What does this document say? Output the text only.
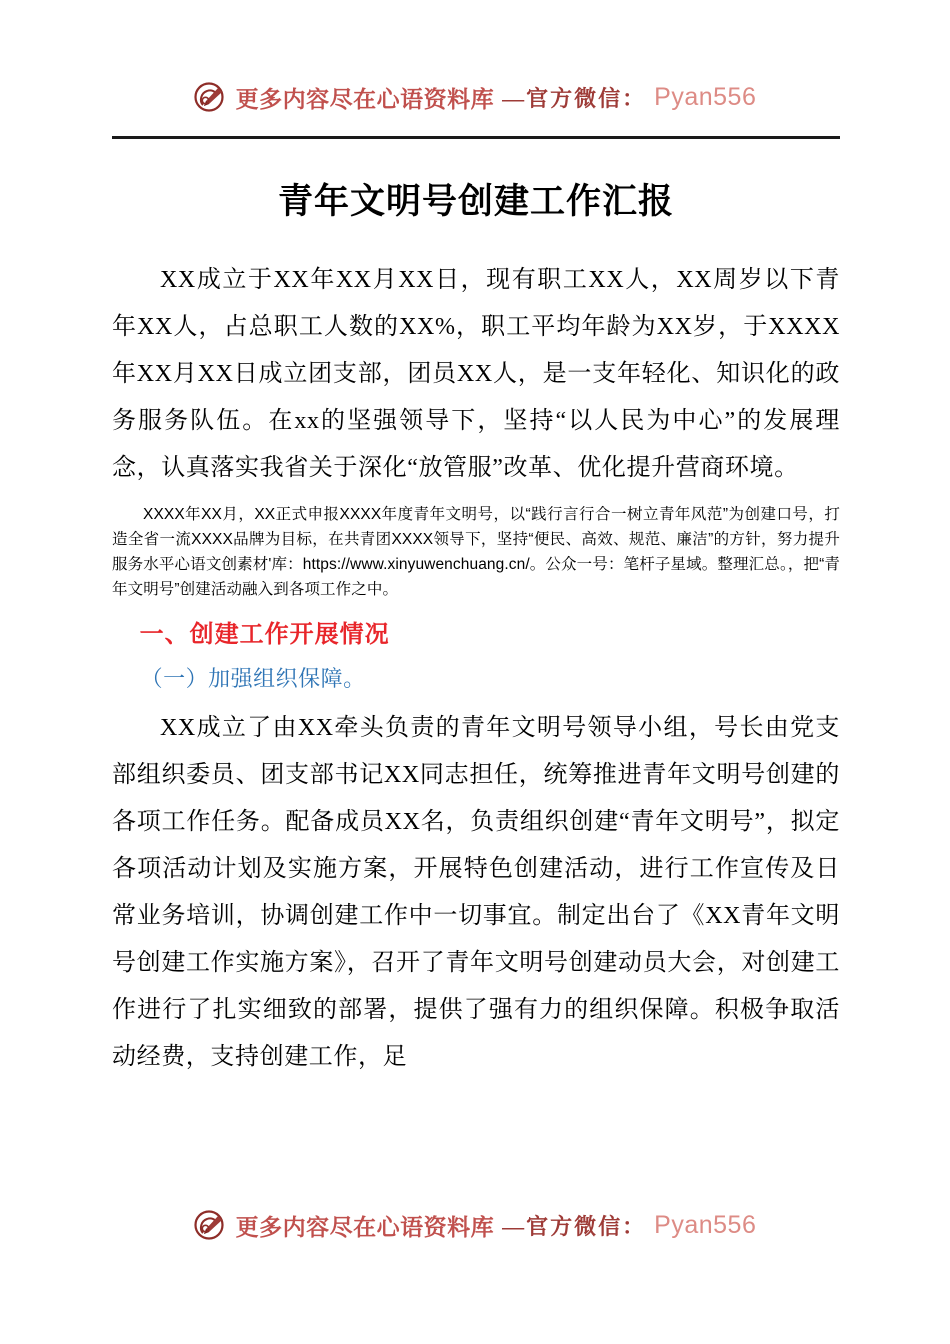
更多内容尽在心语资料库 —官方微信： Pyan556
青年文明号创建工作汇报

XX成立于XX年XX月XX日，现有职工XX人，XX周岁以下青年XX人，占总职工人数的XX%，职工平均年龄为XX岁，于XXXX年XX月XX日成立团支部，团员XX人，是一支年轻化、知识化的政务服务队伍。在xx的坚强领导下，坚持“以人民为中心”的发展理念，认真落实我省关于深化“放管服”改革、优化提升营商环境。

XXXX年XX月，XX正式申报XXXX年度青年文明号，以“践行言行合一树立青年风范”为创建口号，打造全省一流XXXX品牌为目标，在共青团XXXX领导下，坚持“便民、高效、规范、廉洁”的方针，努力提升服务水平心语文创素材'库：https://www.xinyuwenchuang.cn/。公众一号：笔杆子星域。整理汇总。，把“青年文明号”创建活动融入到各项工作之中。

一、创建工作开展情况
（一）加强组织保障。

XX成立了由XX牵头负责的青年文明号领导小组，号长由党支部组织委员、团支部书记XX同志担任，统筹推进青年文明号创建的各项工作任务。配备成员XX名，负责组织创建“青年文明号”，拟定各项活动计划及实施方案，开展特色创建活动，进行工作宣传及日常业务培训，协调创建工作中一切事宜。制定出台了《XX青年文明号创建工作实施方案》，召开了青年文明号创建动员大会，对创建工作进行了扎实细致的部署，提供了强有力的组织保障。积极争取活动经费，支持创建工作，足

更多内容尽在心语资料库 —官方微信： Pyan556
